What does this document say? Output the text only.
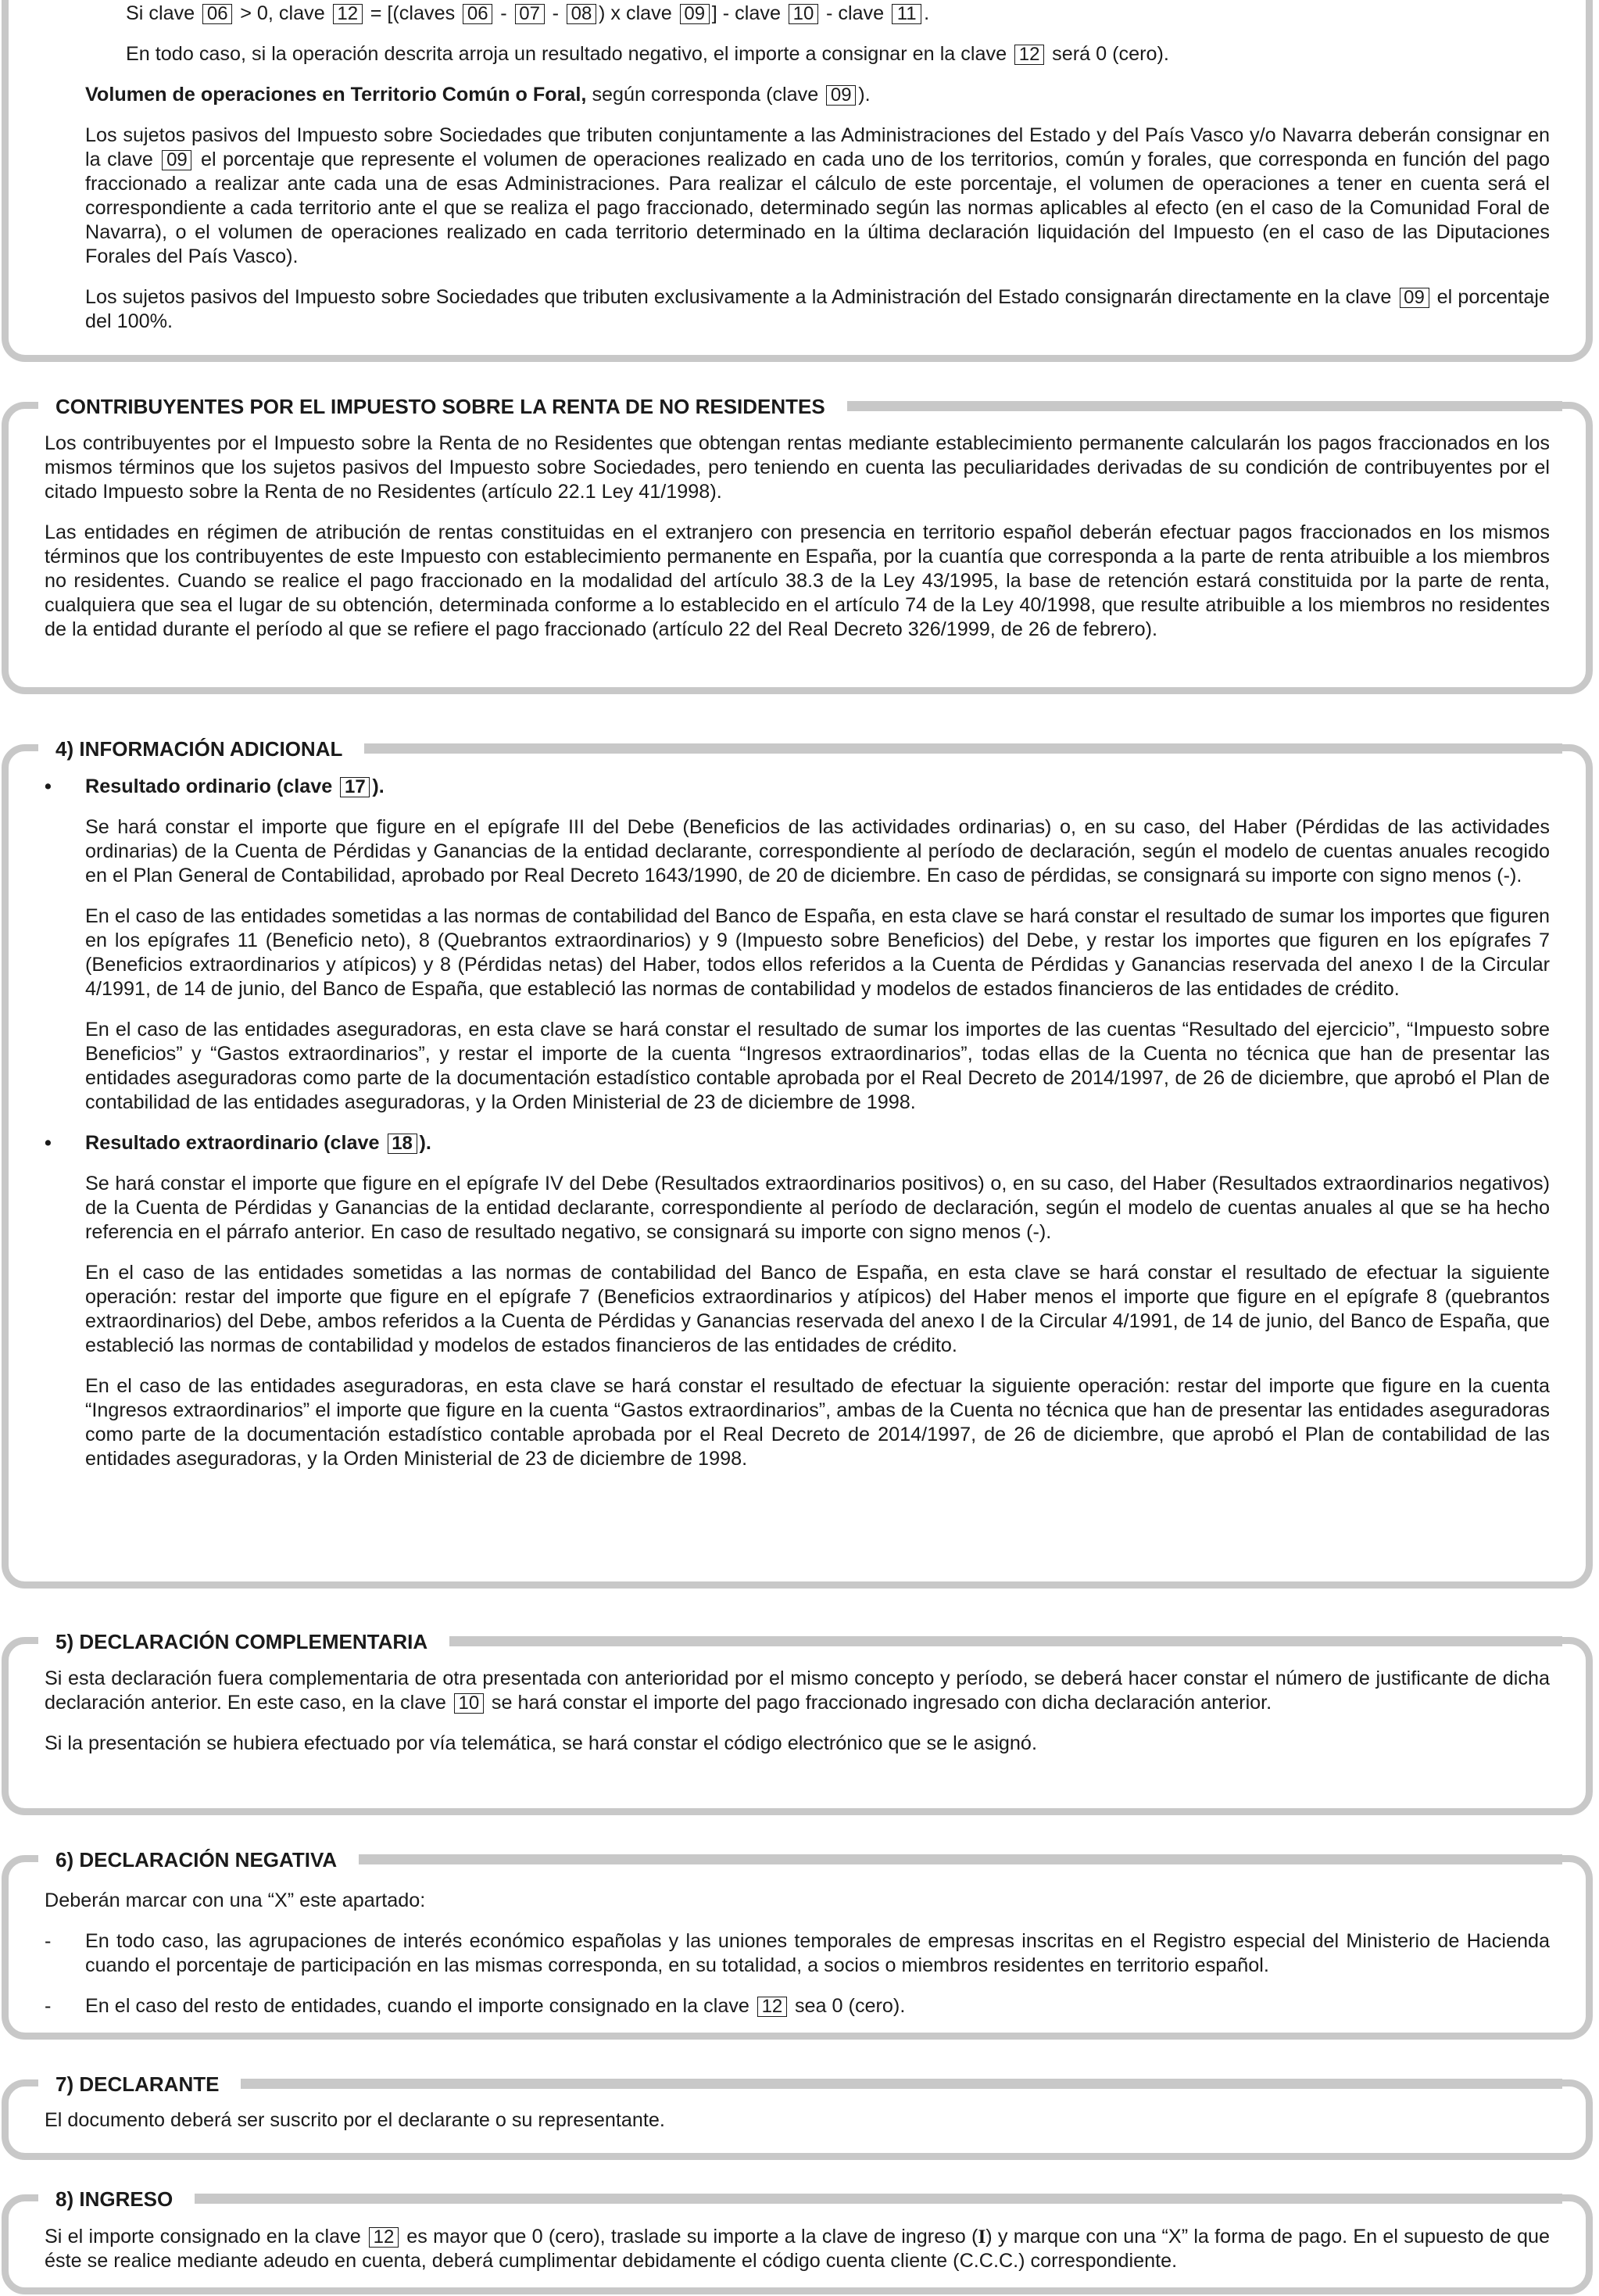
Si clave 06 > 0, clave 12 = [(claves 06 - 07 - 08 ) x clave 09 ] - clave 10 - clave 11 .

En todo caso, si la operación descrita arroja un resultado negativo, el importe a consignar en la clave 12 será 0 (cero).

Volumen de operaciones en Territorio Común o Foral, según corresponda (clave 09 ).

Los sujetos pasivos del Impuesto sobre Sociedades que tributen conjuntamente a las Administraciones del Estado y del País Vasco y/o Navarra deberán consignar en la clave 09 el porcentaje que represente el volumen de operaciones realizado en cada uno de los territorios, común y forales, que corresponda en función del pago fraccionado a realizar ante cada una de esas Administraciones. Para realizar el cálculo de este porcentaje, el volumen de operaciones a tener en cuenta será el correspondiente a cada territorio ante el que se realiza el pago fraccionado, determinado según las normas aplicables al efecto (en el caso de la Comunidad Foral de Navarra), o el volumen de operaciones realizado en cada territorio determinado en la última declaración liquidación del Impuesto (en el caso de las Diputaciones Forales del País Vasco).

Los sujetos pasivos del Impuesto sobre Sociedades que tributen exclusivamente a la Administración del Estado consignarán directamente en la clave 09 el porcentaje del 100%.

CONTRIBUYENTES POR EL IMPUESTO SOBRE LA RENTA DE NO RESIDENTES

Los contribuyentes por el Impuesto sobre la Renta de no Residentes que obtengan rentas mediante establecimiento permanente calcularán los pagos fraccionados en los mismos términos que los sujetos pasivos del Impuesto sobre Sociedades, pero teniendo en cuenta las peculiaridades derivadas de su condición de contribuyentes por el citado Impuesto sobre la Renta de no Residentes (artículo 22.1 Ley 41/1998).

Las entidades en régimen de atribución de rentas constituidas en el extranjero con presencia en territorio español deberán efectuar pagos fraccionados en los mismos términos que los contribuyentes de este Impuesto con establecimiento permanente en España, por la cuantía que corresponda a la parte de renta atribuible a los miembros no residentes. Cuando se realice el pago fraccionado en la modalidad del artículo 38.3 de la Ley 43/1995, la base de retención estará constituida por la parte de renta, cualquiera que sea el lugar de su obtención, determinada conforme a lo establecido en el artículo 74 de la Ley 40/1998, que resulte atribuible a los miembros no residentes de la entidad durante el período al que se refiere el pago fraccionado (artículo 22 del Real Decreto 326/1999, de 26 de febrero).

4) INFORMACIÓN ADICIONAL

• Resultado ordinario (clave 17 ).

Se hará constar el importe que figure en el epígrafe III del Debe (Beneficios de las actividades ordinarias) o, en su caso, del Haber (Pérdidas de las actividades ordinarias) de la Cuenta de Pérdidas y Ganancias de la entidad declarante, correspondiente al período de declaración, según el modelo de cuentas anuales recogido en el Plan General de Contabilidad, aprobado por Real Decreto 1643/1990, de 20 de diciembre. En caso de pérdidas, se consignará su importe con signo menos (-).

En el caso de las entidades sometidas a las normas de contabilidad del Banco de España, en esta clave se hará constar el resultado de sumar los importes que figuren en los epígrafes 11 (Beneficio neto), 8 (Quebrantos extraordinarios) y 9 (Impuesto sobre Beneficios) del Debe, y restar los importes que figuren en los epígrafes 7 (Beneficios extraordinarios y atípicos) y 8 (Pérdidas netas) del Haber, todos ellos referidos a la Cuenta de Pérdidas y Ganancias reservada del anexo I de la Circular 4/1991, de 14 de junio, del Banco de España, que estableció las normas de contabilidad y modelos de estados financieros de las entidades de crédito.

En el caso de las entidades aseguradoras, en esta clave se hará constar el resultado de sumar los importes de las cuentas “Resultado del ejercicio”, “Impuesto sobre Beneficios” y “Gastos extraordinarios”, y restar el importe de la cuenta “Ingresos extraordinarios”, todas ellas de la Cuenta no técnica que han de presentar las entidades aseguradoras como parte de la documentación estadístico contable aprobada por el Real Decreto de 2014/1997, de 26 de diciembre, que aprobó el Plan de contabilidad de las entidades aseguradoras, y la Orden Ministerial de 23 de diciembre de 1998.

• Resultado extraordinario (clave 18 ).

Se hará constar el importe que figure en el epígrafe IV del Debe (Resultados extraordinarios positivos) o, en su caso, del Haber (Resultados extraordinarios negativos) de la Cuenta de Pérdidas y Ganancias de la entidad declarante, correspondiente al período de declaración, según el modelo de cuentas anuales al que se ha hecho referencia en el párrafo anterior. En caso de resultado negativo, se consignará su importe con signo menos (-).

En el caso de las entidades sometidas a las normas de contabilidad del Banco de España, en esta clave se hará constar el resultado de efectuar la siguiente operación: restar del importe que figure en el epígrafe 7 (Beneficios extraordinarios y atípicos) del Haber menos el importe que figure en el epígrafe 8 (quebrantos extraordinarios) del Debe, ambos referidos a la Cuenta de Pérdidas y Ganancias reservada del anexo I de la Circular 4/1991, de 14 de junio, del Banco de España, que estableció las normas de contabilidad y modelos de estados financieros de las entidades de crédito.

En el caso de las entidades aseguradoras, en esta clave se hará constar el resultado de efectuar la siguiente operación: restar del importe que figure en la cuenta “Ingresos extraordinarios” el importe que figure en la cuenta “Gastos extraordinarios”, ambas de la Cuenta no técnica que han de presentar las entidades aseguradoras como parte de la documentación estadístico contable aprobada por el Real Decreto de 2014/1997, de 26 de diciembre, que aprobó el Plan de contabilidad de las entidades aseguradoras, y la Orden Ministerial de 23 de diciembre de 1998.

5) DECLARACIÓN COMPLEMENTARIA

Si esta declaración fuera complementaria de otra presentada con anterioridad por el mismo concepto y período, se deberá hacer constar el número de justificante de dicha declaración anterior. En este caso, en la clave 10 se hará constar el importe del pago fraccionado ingresado con dicha declaración anterior.

Si la presentación se hubiera efectuado por vía telemática, se hará constar el código electrónico que se le asignó.

6) DECLARACIÓN NEGATIVA

Deberán marcar con una “X” este apartado:

- En todo caso, las agrupaciones de interés económico españolas y las uniones temporales de empresas inscritas en el Registro especial del Ministerio de Hacienda cuando el porcentaje de participación en las mismas corresponda, en su totalidad, a socios o miembros residentes en territorio español.

- En el caso del resto de entidades, cuando el importe consignado en la clave 12 sea 0 (cero).

7) DECLARANTE

El documento deberá ser suscrito por el declarante o su representante.

8) INGRESO

Si el importe consignado en la clave 12 es mayor que 0 (cero), traslade su importe a la clave de ingreso (I) y marque con una “X” la forma de pago. En el supuesto de que éste se realice mediante adeudo en cuenta, deberá cumplimentar debidamente el código cuenta cliente (C.C.C.) correspondiente.
